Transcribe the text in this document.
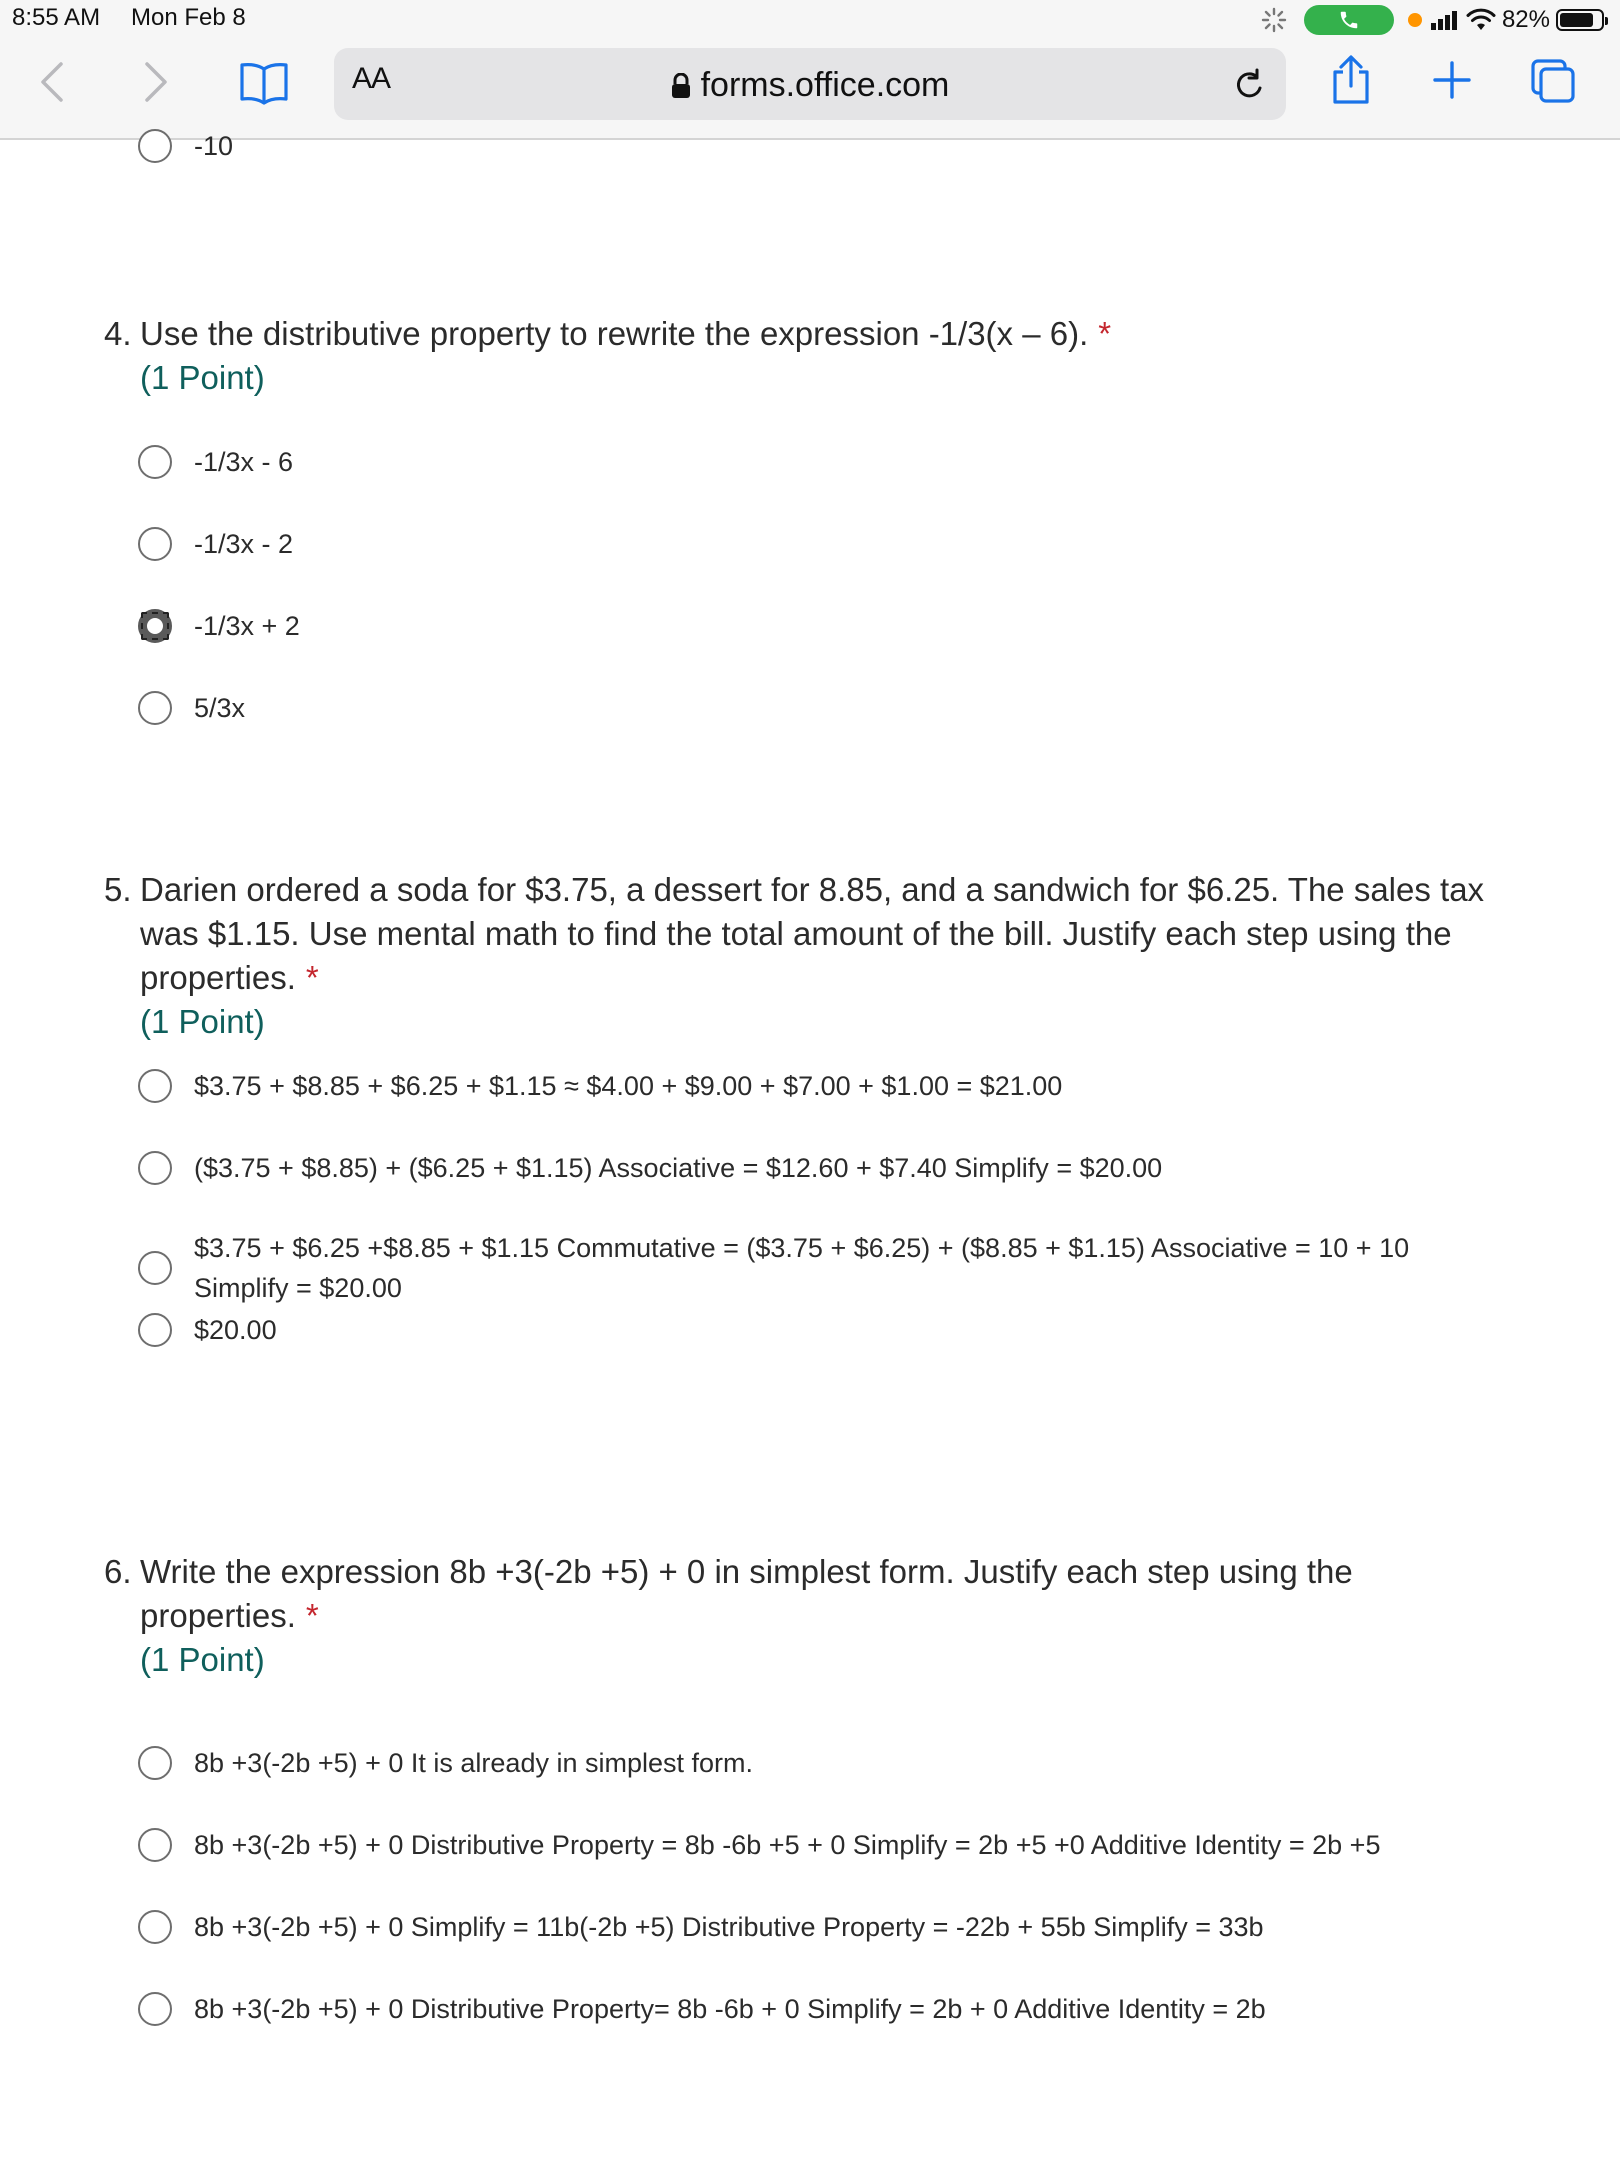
8:55 AM Mon Feb 8	82%
AA	forms.office.com
-10
4. Use the distributive property to rewrite the expression -1/3(x – 6). *
(1 Point)
-1/3x - 6
-1/3x - 2
-1/3x + 2
5/3x
5. Darien ordered a soda for $3.75, a dessert for 8.85, and a sandwich for $6.25. The sales tax was $1.15. Use mental math to find the total amount of the bill. Justify each step using the properties. *
(1 Point)
$3.75 + $8.85 + $6.25 + $1.15 ≈ $4.00 + $9.00 + $7.00 + $1.00 = $21.00
($3.75 + $8.85) + ($6.25 + $1.15) Associative = $12.60 + $7.40 Simplify = $20.00
$3.75 + $6.25 +$8.85 + $1.15 Commutative = ($3.75 + $6.25) + ($8.85 + $1.15) Associative = 10 + 10 Simplify = $20.00
$20.00
6. Write the expression 8b +3(-2b +5) + 0 in simplest form. Justify each step using the properties. *
(1 Point)
8b +3(-2b +5) + 0 It is already in simplest form.
8b +3(-2b +5) + 0 Distributive Property = 8b -6b +5 + 0 Simplify = 2b +5 +0 Additive Identity = 2b +5
8b +3(-2b +5) + 0 Simplify = 11b(-2b +5) Distributive Property = -22b + 55b Simplify = 33b
8b +3(-2b +5) + 0 Distributive Property= 8b -6b + 0 Simplify = 2b + 0 Additive Identity = 2b
